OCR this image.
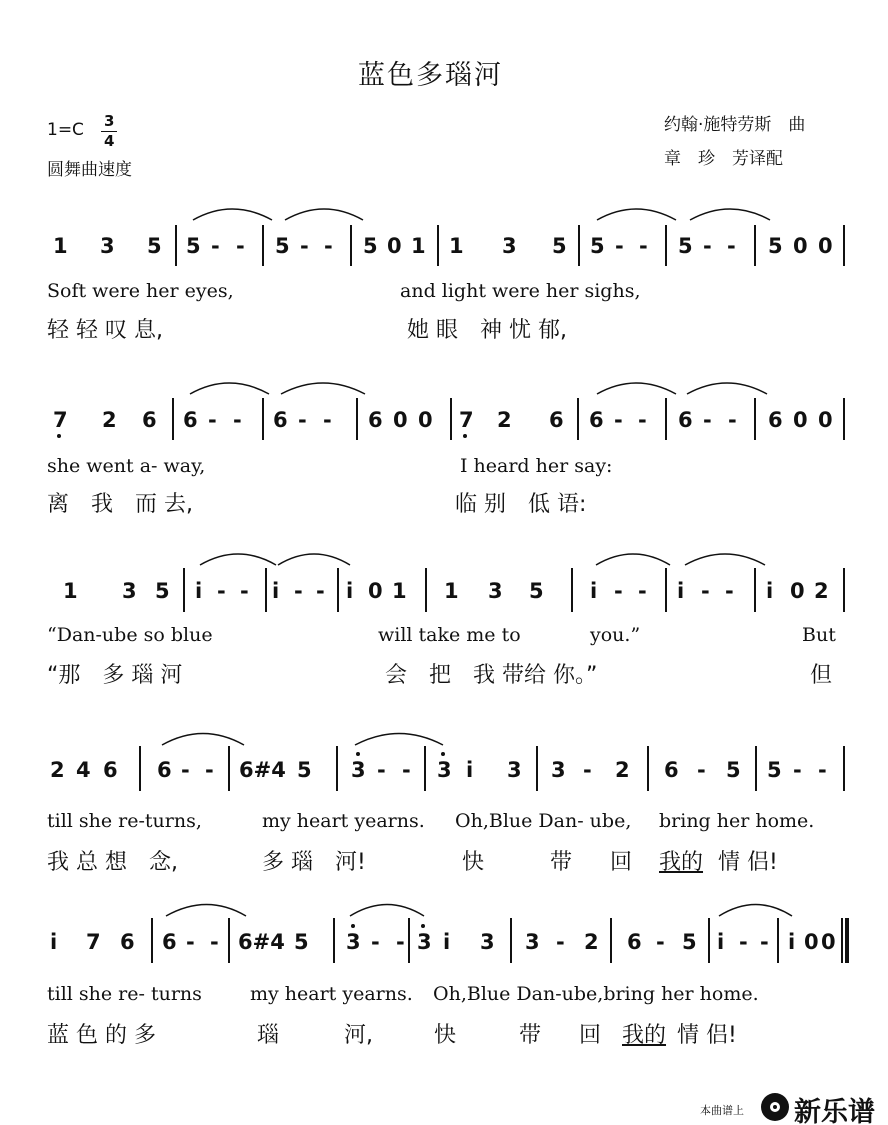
蓝色多瑙河
1=C 3
4
圆舞曲速度
约翰·施特劳斯　曲
章　珍　芳译配
1 3 5 5 - - 5 - - 5 0 1 1 3 5 5 - - 5 - - 5 0 0
Soft were her eyes,	and light were her sighs,
轻 轻 叹 息,	她 眼　神 忧 郁,
7 2 6 6 - - 6 - - 6 0 0 7 2 6 6 - - 6 - - 6 0 0
she went a- way,	I heard her say:
离　我　而 去,	临 别　低 语:
1 3 5 i - - i - - i 0 1 1 3 5 i - - i - - i 0 2
“Dan-ube so blue	will take me to	you.”	But
“那　多 瑙 河	会　把　我 带给 你。”	但
2 4 6 6 - - 6#4 5 3 - - 3 i 3 3 - 2 6 - 5 5 - -
till she re-turns,	my heart yearns. Oh,Blue Dan- ube, bring her home.
我 总 想　念,	多 瑙　河!	快	带 回 我的 情 侣!
i 7 6 6 - - 6#4 5 3 - - 3 i 3 3 - 2 6 - 5 i - - i 0 0
till she re- turns	my heart yearns. Oh,Blue Dan-ube,bring her home.
蓝 色 的 多	瑙	河,	快	带 回 我的 情 侣!
本曲谱上 新乐谱
